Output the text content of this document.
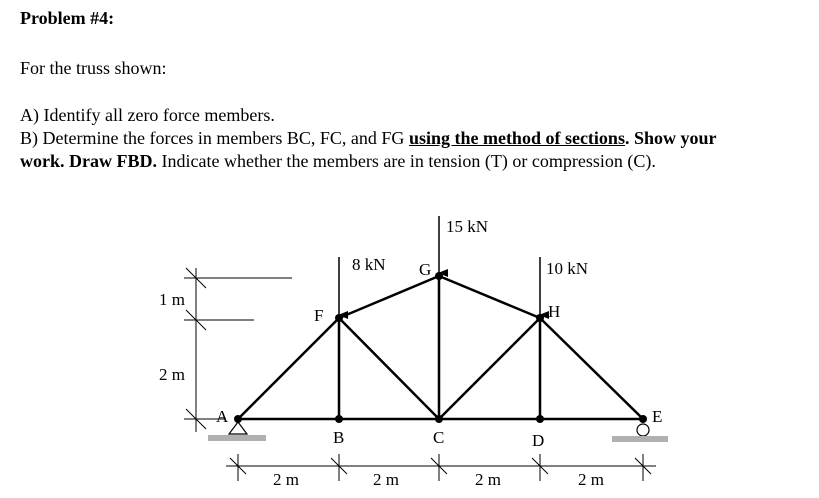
Problem #4:
For the truss shown:
A) Identify all zero force members.
B) Determine the forces in members BC, FC, and FG using the method of sections. Show your
work. Draw FBD. Indicate whether the members are in tension (T) or compression (C).
15 kN
8 kN	10 kN
A
B	C	D
E
F
G
H
1 m
2 m
2 m	2 m	2 m	2 m
